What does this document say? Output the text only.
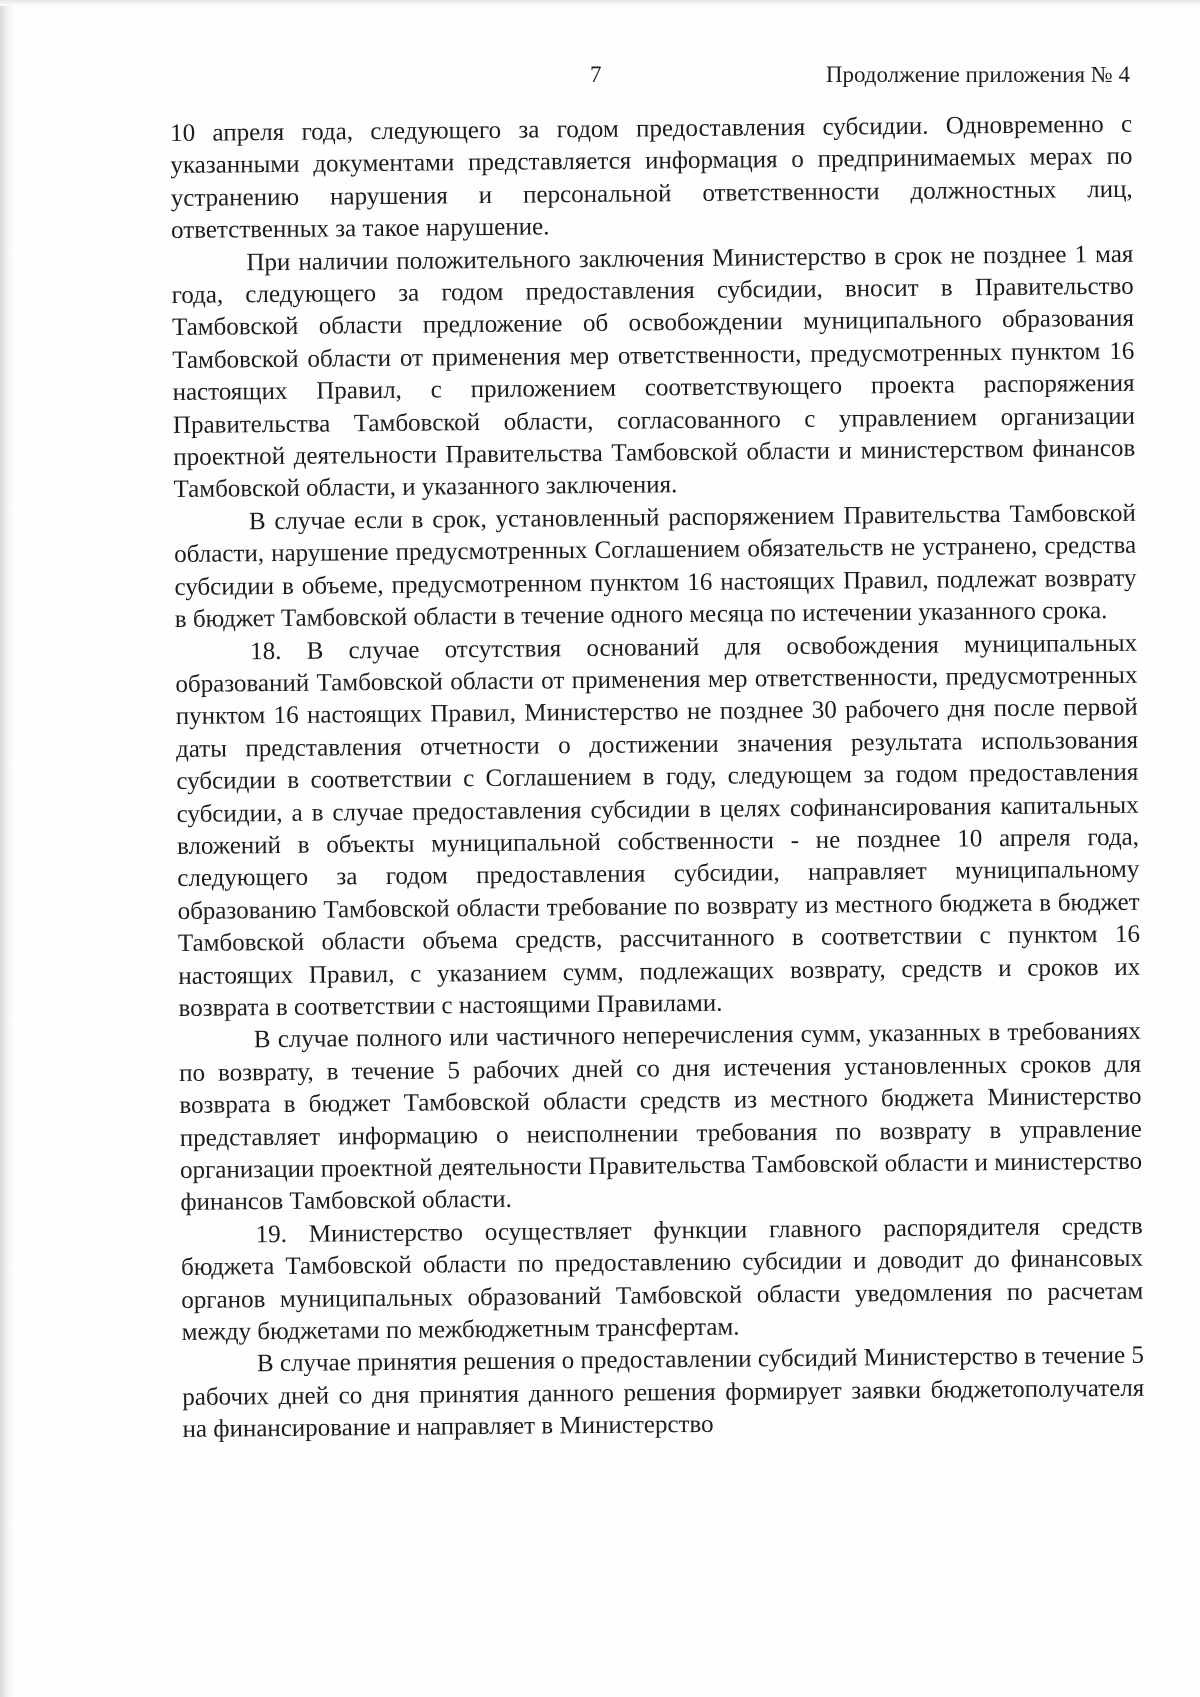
7	Продолжение приложения № 4

10 апреля года, следующего за годом предоставления субсидии. Одновременно с указанными документами представляется информация о предпринимаемых мерах по устранению нарушения и персональной ответственности должностных лиц, ответственных за такое нарушение.

При наличии положительного заключения Министерство в срок не позднее 1 мая года, следующего за годом предоставления субсидии, вносит в Правительство Тамбовской области предложение об освобождении муниципального образования Тамбовской области от применения мер ответственности, предусмотренных пунктом 16 настоящих Правил, с приложением соответствующего проекта распоряжения Правительства Тамбовской области, согласованного с управлением организации проектной деятельности Правительства Тамбовской области и министерством финансов Тамбовской области, и указанного заключения.

В случае если в срок, установленный распоряжением Правительства Тамбовской области, нарушение предусмотренных Соглашением обязательств не устранено, средства субсидии в объеме, предусмотренном пунктом 16 настоящих Правил, подлежат возврату в бюджет Тамбовской области в течение одного месяца по истечении указанного срока.

18. В случае отсутствия оснований для освобождения муниципальных образований Тамбовской области от применения мер ответственности, предусмотренных пунктом 16 настоящих Правил, Министерство не позднее 30 рабочего дня после первой даты представления отчетности о достижении значения результата использования субсидии в соответствии с Соглашением в году, следующем за годом предоставления субсидии, а в случае предоставления субсидии в целях софинансирования капитальных вложений в объекты муниципальной собственности - не позднее 10 апреля года, следующего за годом предоставления субсидии, направляет муниципальному образованию Тамбовской области требование по возврату из местного бюджета в бюджет Тамбовской области объема средств, рассчитанного в соответствии с пунктом 16 настоящих Правил, с указанием сумм, подлежащих возврату, средств и сроков их возврата в соответствии с настоящими Правилами.

В случае полного или частичного неперечисления сумм, указанных в требованиях по возврату, в течение 5 рабочих дней со дня истечения установленных сроков для возврата в бюджет Тамбовской области средств из местного бюджета Министерство представляет информацию о неисполнении требования по возврату в управление организации проектной деятельности Правительства Тамбовской области и министерство финансов Тамбовской области.

19. Министерство осуществляет функции главного распорядителя средств бюджета Тамбовской области по предоставлению субсидии и доводит до финансовых органов муниципальных образований Тамбовской области уведомления по расчетам между бюджетами по межбюджетным трансфертам.

В случае принятия решения о предоставлении субсидий Министерство в течение 5 рабочих дней со дня принятия данного решения формирует заявки бюджетополучателя на финансирование и направляет в Министерство
